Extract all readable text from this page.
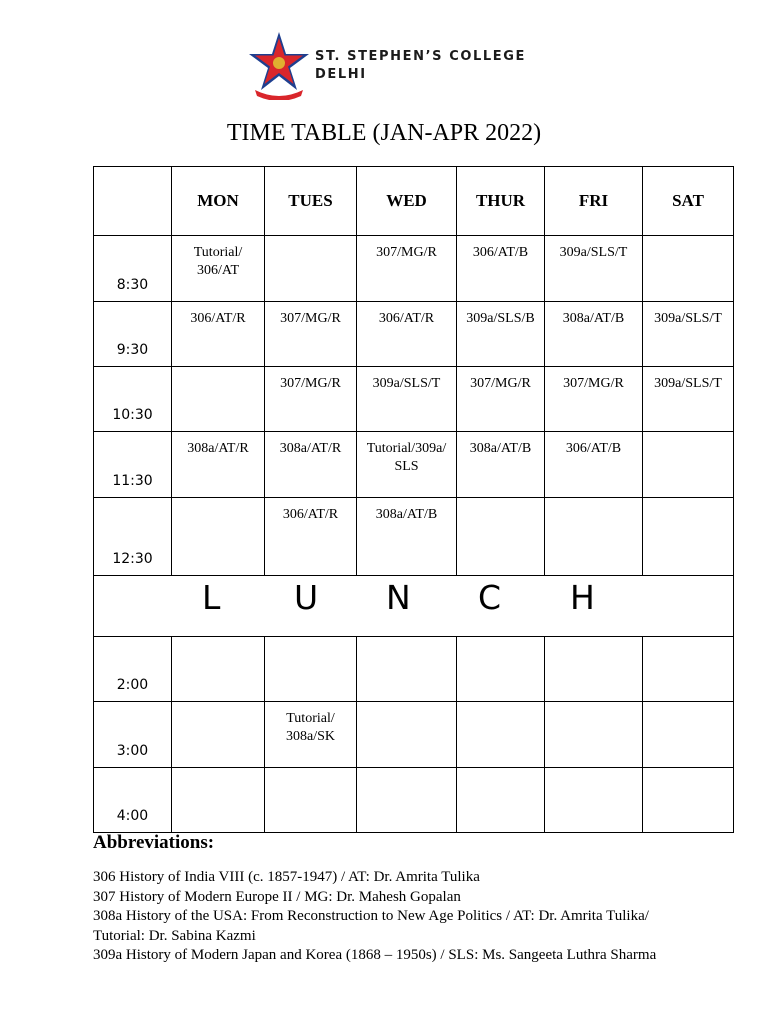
ST. STEPHEN’S COLLEGE
DELHI
TIME TABLE (JAN-APR 2022)
	MON	TUES	WED	THUR	FRI	SAT
8:30	Tutorial/
306/AT		307/MG/R	306/AT/B	309a/SLS/T	
9:30	306/AT/R	307/MG/R	306/AT/R	309a/SLS/B	308a/AT/B	309a/SLS/T
10:30		307/MG/R	309a/SLS/T	307/MG/R	307/MG/R	309a/SLS/T
11:30	308a/AT/R	308a/AT/R	Tutorial/309a/
SLS	308a/AT/B	306/AT/B	
12:30		306/AT/R	308a/AT/B			

L U N C H						

2:00						
3:00		Tutorial/
308a/SK				
4:00						
Abbreviations:
306 History of India VIII (c. 1857-1947) / AT: Dr. Amrita Tulika
307 History of Modern Europe II / MG: Dr. Mahesh Gopalan
308a History of the USA: From Reconstruction to New Age Politics / AT: Dr. Amrita Tulika/
Tutorial: Dr. Sabina Kazmi
309a History of Modern Japan and Korea (1868 – 1950s) / SLS: Ms. Sangeeta Luthra Sharma
